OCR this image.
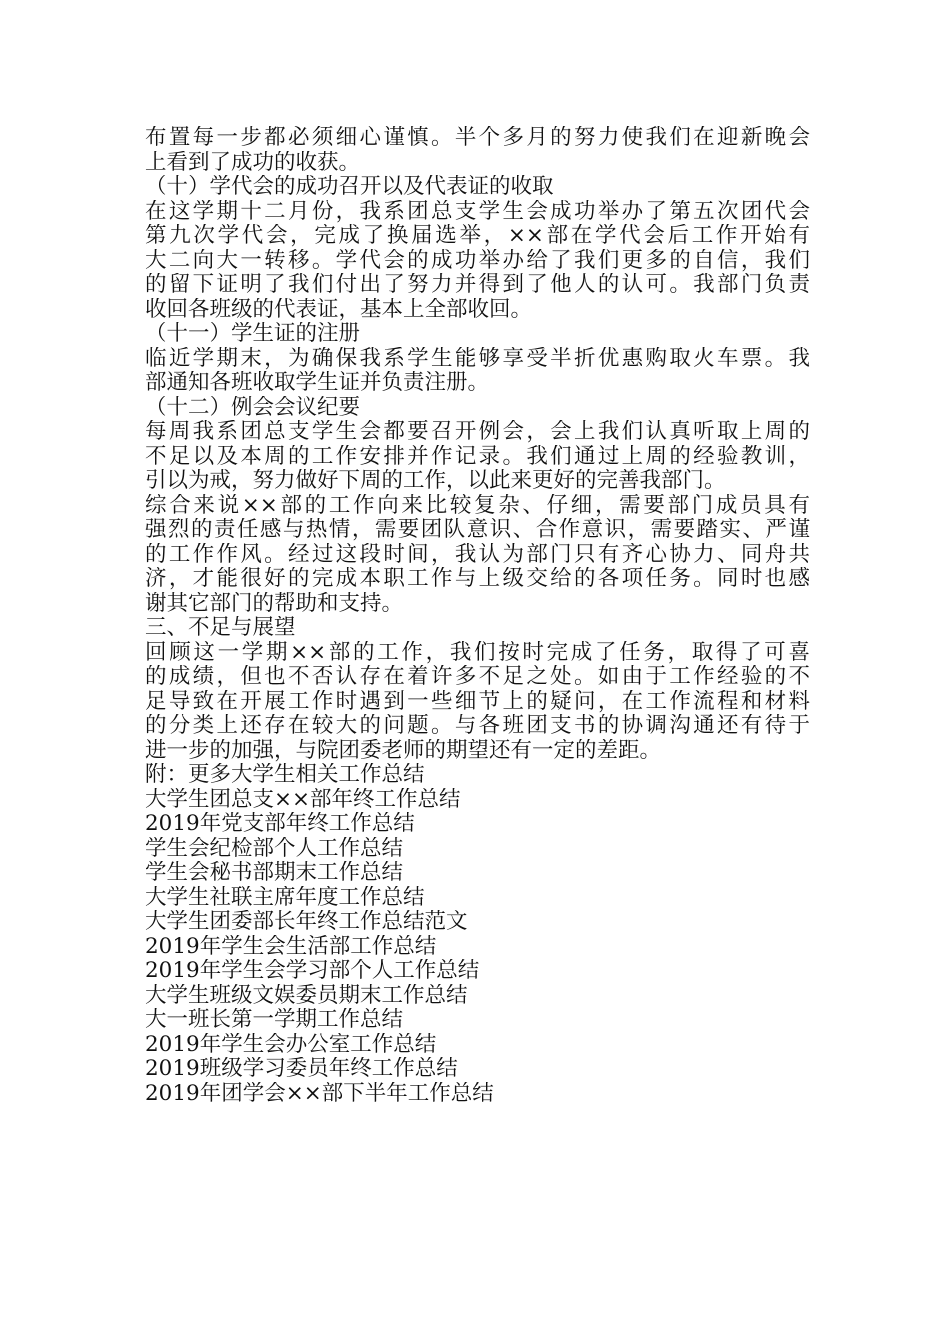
布置每一步都必须细心谨慎。半个多月的努力使我们在迎新晚会
上看到了成功的收获。
（十）学代会的成功召开以及代表证的收取
在这学期十二月份，我系团总支学生会成功举办了第五次团代会
第九次学代会，完成了换届选举，××部在学代会后工作开始有
大二向大一转移。学代会的成功举办给了我们更多的自信，我们
的留下证明了我们付出了努力并得到了他人的认可。我部门负责
收回各班级的代表证，基本上全部收回。
（十一）学生证的注册
临近学期末，为确保我系学生能够享受半折优惠购取火车票。我
部通知各班收取学生证并负责注册。
（十二）例会会议纪要
每周我系团总支学生会都要召开例会，会上我们认真听取上周的
不足以及本周的工作安排并作记录。我们通过上周的经验教训，
引以为戒，努力做好下周的工作，以此来更好的完善我部门。
综合来说××部的工作向来比较复杂、仔细，需要部门成员具有
强烈的责任感与热情，需要团队意识、合作意识，需要踏实、严谨
的工作作风。经过这段时间，我认为部门只有齐心协力、同舟共
济，才能很好的完成本职工作与上级交给的各项任务。同时也感
谢其它部门的帮助和支持。
三、不足与展望
回顾这一学期××部的工作，我们按时完成了任务，取得了可喜
的成绩，但也不否认存在着许多不足之处。如由于工作经验的不
足导致在开展工作时遇到一些细节上的疑问，在工作流程和材料
的分类上还存在较大的问题。与各班团支书的协调沟通还有待于
进一步的加强，与院团委老师的期望还有一定的差距。
附：更多大学生相关工作总结
大学生团总支××部年终工作总结
2019年党支部年终工作总结
学生会纪检部个人工作总结
学生会秘书部期末工作总结
大学生社联主席年度工作总结
大学生团委部长年终工作总结范文
2019年学生会生活部工作总结
2019年学生会学习部个人工作总结
大学生班级文娱委员期末工作总结
大一班长第一学期工作总结
2019年学生会办公室工作总结
2019班级学习委员年终工作总结
2019年团学会××部下半年工作总结
